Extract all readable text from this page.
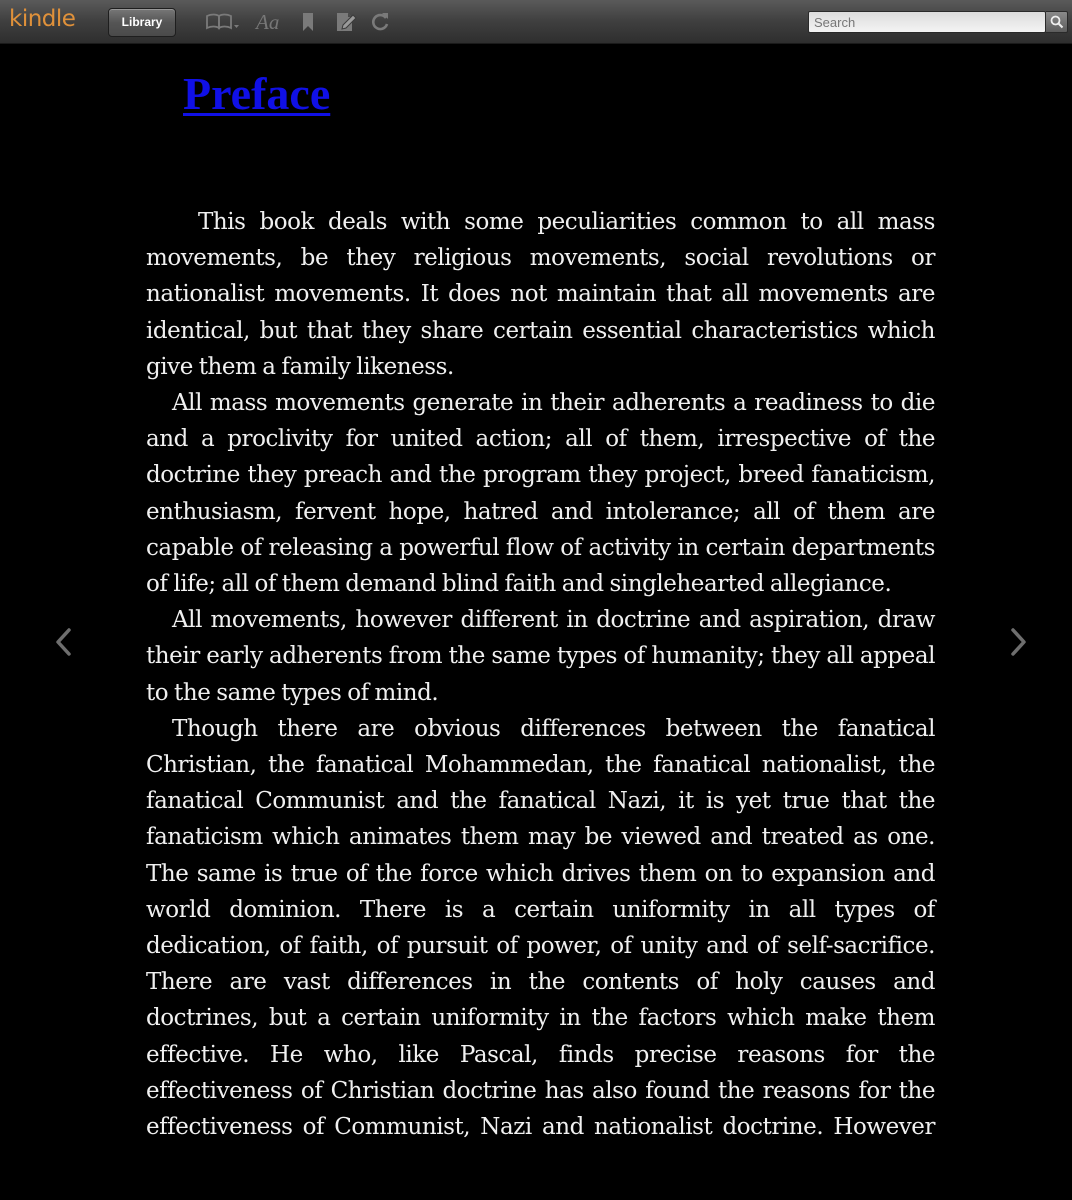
kindle	Library	Aa
Search
Preface

This book deals with some peculiarities common to all mass movements, be they religious movements, social revolutions or nationalist movements. It does not maintain that all movements are identical, but that they share certain essential characteristics which give them a family likeness.

All mass movements generate in their adherents a readiness to die and a proclivity for united action; all of them, irrespective of the doctrine they preach and the program they project, breed fanaticism, enthusiasm, fervent hope, hatred and intolerance; all of them are capable of releasing a powerful flow of activity in certain departments of life; all of them demand blind faith and singlehearted allegiance.

All movements, however different in doctrine and aspiration, draw their early adherents from the same types of humanity; they all appeal to the same types of mind.

Though there are obvious differences between the fanatical Christian, the fanatical Mohammedan, the fanatical nationalist, the fanatical Communist and the fanatical Nazi, it is yet true that the fanaticism which animates them may be viewed and treated as one. The same is true of the force which drives them on to expansion and world dominion. There is a certain uniformity in all types of dedication, of faith, of pursuit of power, of unity and of self-sacrifice. There are vast differences in the contents of holy causes and doctrines, but a certain uniformity in the factors which make them effective. He who, like Pascal, finds precise reasons for the effectiveness of Christian doctrine has also found the reasons for the effectiveness of Communist, Nazi and nationalist doctrine. However
